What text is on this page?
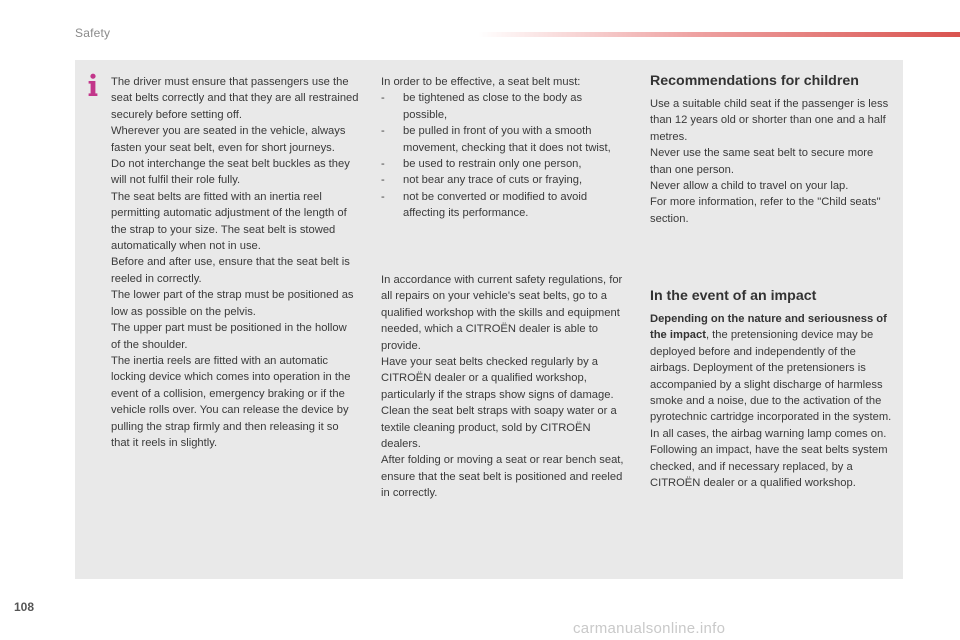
Safety

The driver must ensure that passengers use the seat belts correctly and that they are all restrained securely before setting off.

Wherever you are seated in the vehicle, always fasten your seat belt, even for short journeys.

Do not interchange the seat belt buckles as they will not fulfil their role fully.

The seat belts are fitted with an inertia reel permitting automatic adjustment of the length of the strap to your size. The seat belt is stowed automatically when not in use.

Before and after use, ensure that the seat belt is reeled in correctly.

The lower part of the strap must be positioned as low as possible on the pelvis.

The upper part must be positioned in the hollow of the shoulder.

The inertia reels are fitted with an automatic locking device which comes into operation in the event of a collision, emergency braking or if the vehicle rolls over. You can release the device by pulling the strap firmly and then releasing it so that it reels in slightly.

In order to be effective, a seat belt must:

- be tightened as close to the body as possible,
- be pulled in front of you with a smooth movement, checking that it does not twist,
- be used to restrain only one person,
- not bear any trace of cuts or fraying,
- not be converted or modified to avoid affecting its performance.

In accordance with current safety regulations, for all repairs on your vehicle's seat belts, go to a qualified workshop with the skills and equipment needed, which a CITROËN dealer is able to provide.

Have your seat belts checked regularly by a CITROËN dealer or a qualified workshop, particularly if the straps show signs of damage.

Clean the seat belt straps with soapy water or a textile cleaning product, sold by CITROËN dealers.

After folding or moving a seat or rear bench seat, ensure that the seat belt is positioned and reeled in correctly.

Recommendations for children

Use a suitable child seat if the passenger is less than 12 years old or shorter than one and a half metres.

Never use the same seat belt to secure more than one person.

Never allow a child to travel on your lap.

For more information, refer to the "Child seats" section.

In the event of an impact

Depending on the nature and seriousness of the impact, the pretensioning device may be deployed before and independently of the airbags. Deployment of the pretensioners is accompanied by a slight discharge of harmless smoke and a noise, due to the activation of the pyrotechnic cartridge incorporated in the system.

In all cases, the airbag warning lamp comes on.

Following an impact, have the seat belts system checked, and if necessary replaced, by a CITROËN dealer or a qualified workshop.

108
carmanualsonline.info
